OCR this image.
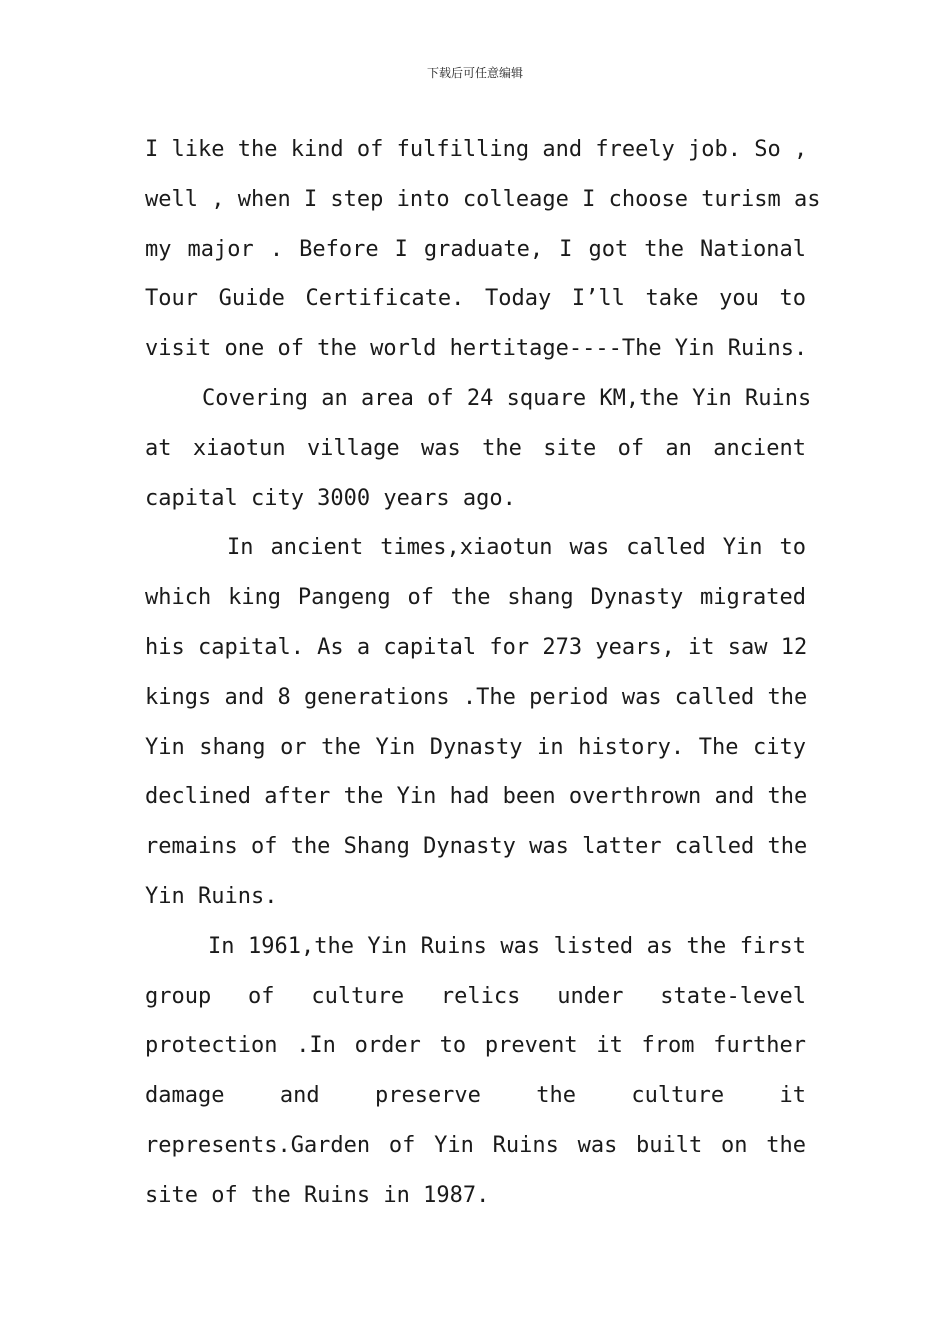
下载后可任意编辑
I like the kind of fulfilling and freely job. So ,
well , when I step into colleage I choose turism as
my major . Before I graduate, I got the National
Tour Guide Certificate. Today I’ll take you to
visit one of the world hertitage----The Yin Ruins.
Covering an area of 24 square KM,the Yin Ruins
at xiaotun village was the site of an ancient
capital city 3000 years ago.
In ancient times,xiaotun was called Yin to
which king Pangeng of the shang Dynasty migrated
his capital. As a capital for 273 years, it saw 12
kings and 8 generations .The period was called the
Yin shang or the Yin Dynasty in history. The city
declined after the Yin had been overthrown and the
remains of the Shang Dynasty was latter called the
Yin Ruins.
In 1961,the Yin Ruins was listed as the first
group of culture relics under state-level
protection .In order to prevent it from further
damage and preserve the culture it
represents.Garden of Yin Ruins was built on the
site of the Ruins in 1987.
